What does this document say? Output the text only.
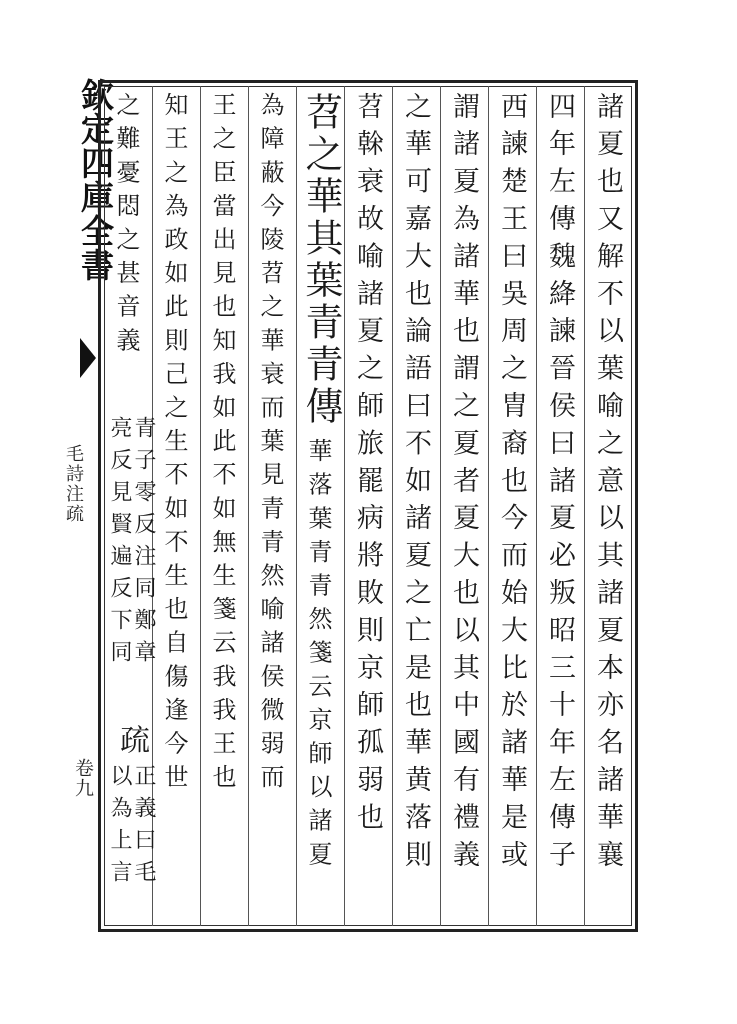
欽定四庫全書
毛詩注疏
卷九	諸夏也又解不以葉喻之意以其諸夏本亦名諸華襄
四年左傳魏絳諫晉侯曰諸夏必叛昭三十年左傳子
西諫楚王曰吳周之胄裔也今而始大比於諸華是或
謂諸夏為諸華也謂之夏者夏大也以其中國有禮義
之華可嘉大也論語曰不如諸夏之亡是也華黄落則
苕榦衰故喻諸夏之師旅罷病將敗則京師孤弱也
苕之華其葉青青傳
華落葉青青然箋云京師以諸夏
為障蔽今陵苕之華衰而葉見青青然喻諸侯微弱而
王之臣當出見也知我如此不如無生箋云我我王也
知王之為政如此則己之生不如不生也自傷逢今世
之難憂悶之甚音義
青子零反注同鄭章
亮反見賢遍反下同
疏
正義曰毛
以為上言
